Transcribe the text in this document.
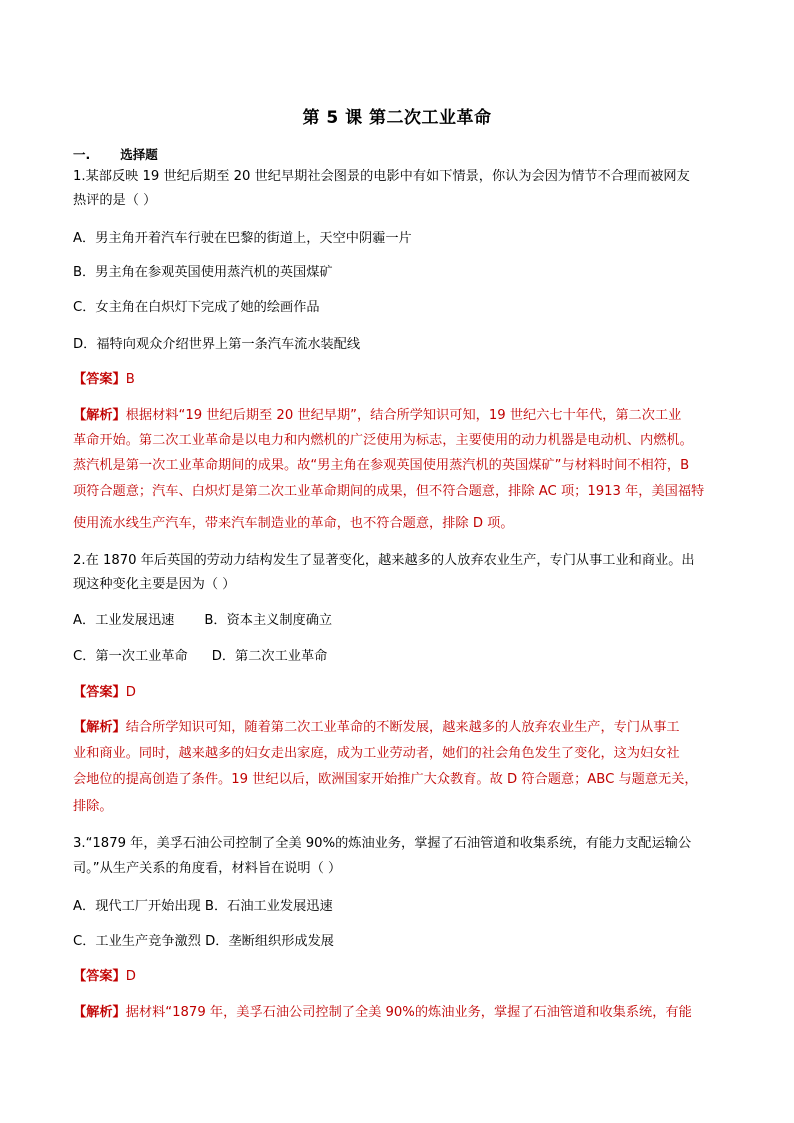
第 5 课 第二次工业革命
一. 选择题
1.某部反映 19 世纪后期至 20 世纪早期社会图景的电影中有如下情景，你认为会因为情节不合理而被网友
热评的是（ ）
A．男主角开着汽车行驶在巴黎的街道上，天空中阴霾一片
B．男主角在参观英国使用蒸汽机的英国煤矿
C．女主角在白炽灯下完成了她的绘画作品
D．福特向观众介绍世界上第一条汽车流水装配线
【答案】B
【解析】根据材料“19 世纪后期至 20 世纪早期”，结合所学知识可知，19 世纪六七十年代，第二次工业
革命开始。第二次工业革命是以电力和内燃机的广泛使用为标志，主要使用的动力机器是电动机、内燃机。
蒸汽机是第一次工业革命期间的成果。故“男主角在参观英国使用蒸汽机的英国煤矿”与材料时间不相符，B
项符合题意；汽车、白炽灯是第二次工业革命期间的成果，但不符合题意，排除 AC 项；1913 年，美国福特
使用流水线生产汽车，带来汽车制造业的革命，也不符合题意，排除 D 项。
2.在 1870 年后英国的劳动力结构发生了显著变化，越来越多的人放弃农业生产，专门从事工业和商业。出
现这种变化主要是因为（ ）
A．工业发展迅速 B．资本主义制度确立
C．第一次工业革命 D．第二次工业革命
【答案】D
【解析】结合所学知识可知，随着第二次工业革命的不断发展，越来越多的人放弃农业生产，专门从事工
业和商业。同时，越来越多的妇女走出家庭，成为工业劳动者，她们的社会角色发生了变化，这为妇女社
会地位的提高创造了条件。19 世纪以后，欧洲国家开始推广大众教育。故 D 符合题意；ABC 与题意无关，
排除。
3.“1879 年，美孚石油公司控制了全美 90%的炼油业务，掌握了石油管道和收集系统，有能力支配运输公
司。”从生产关系的角度看，材料旨在说明（ ）
A．现代工厂开始出现 B．石油工业发展迅速
C．工业生产竞争激烈 D．垄断组织形成发展
【答案】D
【解析】据材料“1879 年，美孚石油公司控制了全美 90%的炼油业务，掌握了石油管道和收集系统，有能
